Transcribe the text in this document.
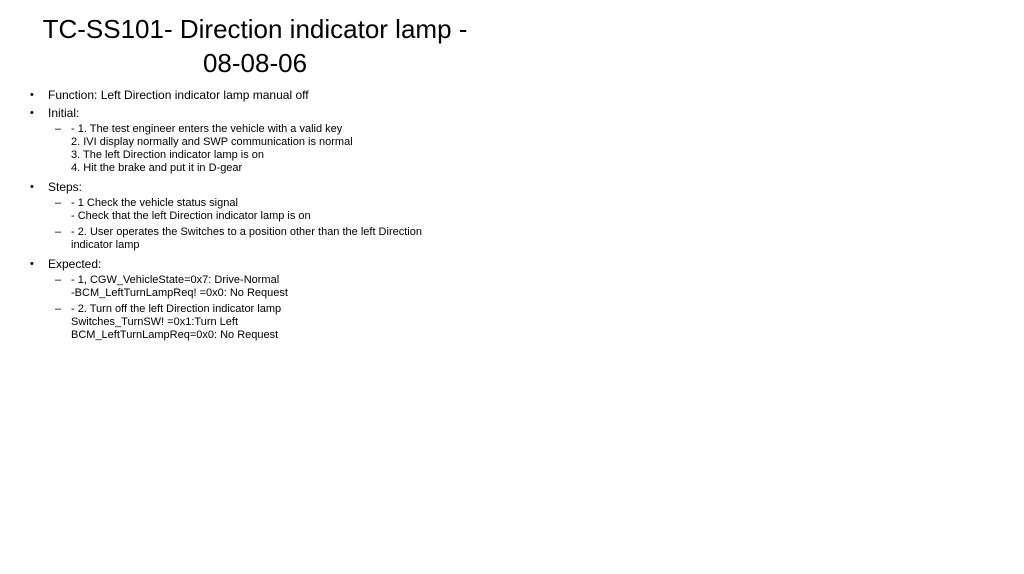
TC-SS101- Direction indicator lamp -
08-08-06
• Function: Left Direction indicator lamp manual off
• Initial:
– - 1. The test engineer enters the vehicle with a valid key
2. IVI display normally and SWP communication is normal
3. The left Direction indicator lamp is on
4. Hit the brake and put it in D-gear
• Steps:
– - 1 Check the vehicle status signal
- Check that the left Direction indicator lamp is on
– - 2. User operates the Switches to a position other than the left Direction
indicator lamp
• Expected:
– - 1, CGW_VehicleState=0x7: Drive-Normal
-BCM_LeftTurnLampReq! =0x0: No Request
– - 2. Turn off the left Direction indicator lamp
Switches_TurnSW! =0x1:Turn Left
BCM_LeftTurnLampReq=0x0: No Request
